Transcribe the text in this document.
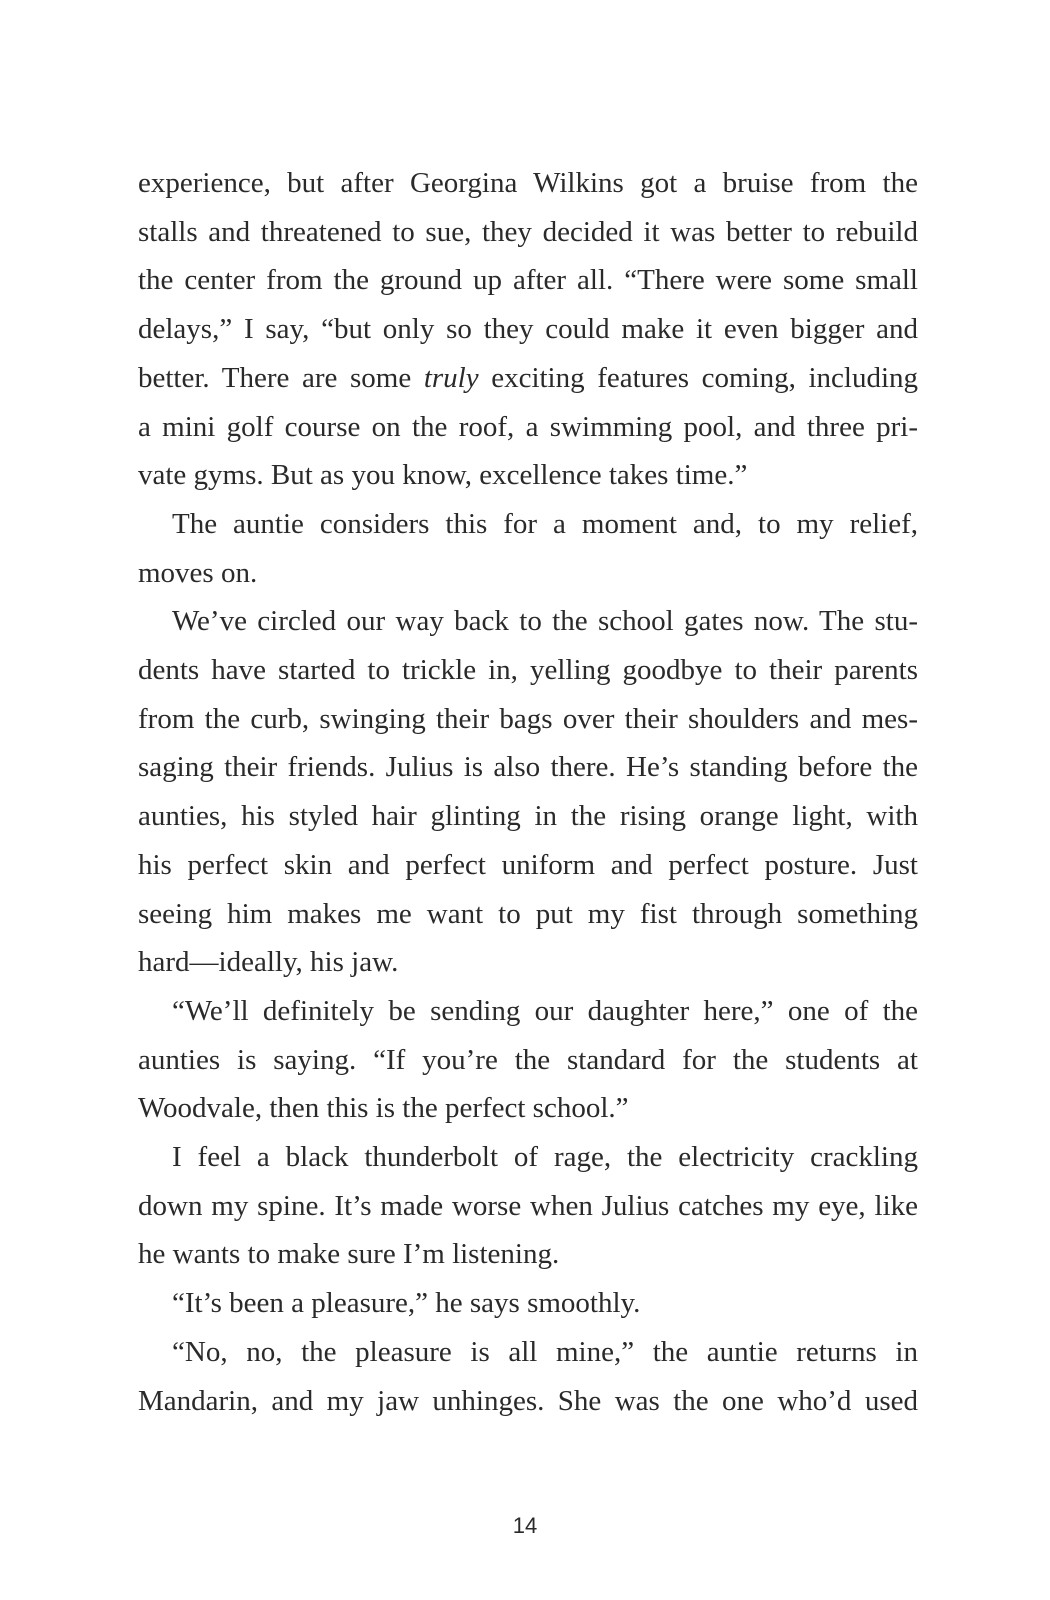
experience, but after Georgina Wilkins got a bruise from the
stalls and threatened to sue, they decided it was better to rebuild
the center from the ground up after all. “There were some small
delays,” I say, “but only so they could make it even bigger and
better. There are some truly exciting features coming, including
a mini golf course on the roof, a swimming pool, and three pri-
vate gyms. But as you know, excellence takes time.”
The auntie considers this for a moment and, to my relief,
moves on.
We’ve circled our way back to the school gates now. The stu-
dents have started to trickle in, yelling goodbye to their parents
from the curb, swinging their bags over their shoulders and mes-
saging their friends. Julius is also there. He’s standing before the
aunties, his styled hair glinting in the rising orange light, with
his perfect skin and perfect uniform and perfect posture. Just
seeing him makes me want to put my fist through something
hard—ideally, his jaw.
“We’ll definitely be sending our daughter here,” one of the
aunties is saying. “If you’re the standard for the students at
Woodvale, then this is the perfect school.”
I feel a black thunderbolt of rage, the electricity crackling
down my spine. It’s made worse when Julius catches my eye, like
he wants to make sure I’m listening.
“It’s been a pleasure,” he says smoothly.
“No, no, the pleasure is all mine,” the auntie returns in
Mandarin, and my jaw unhinges. She was the one who’d used
14
